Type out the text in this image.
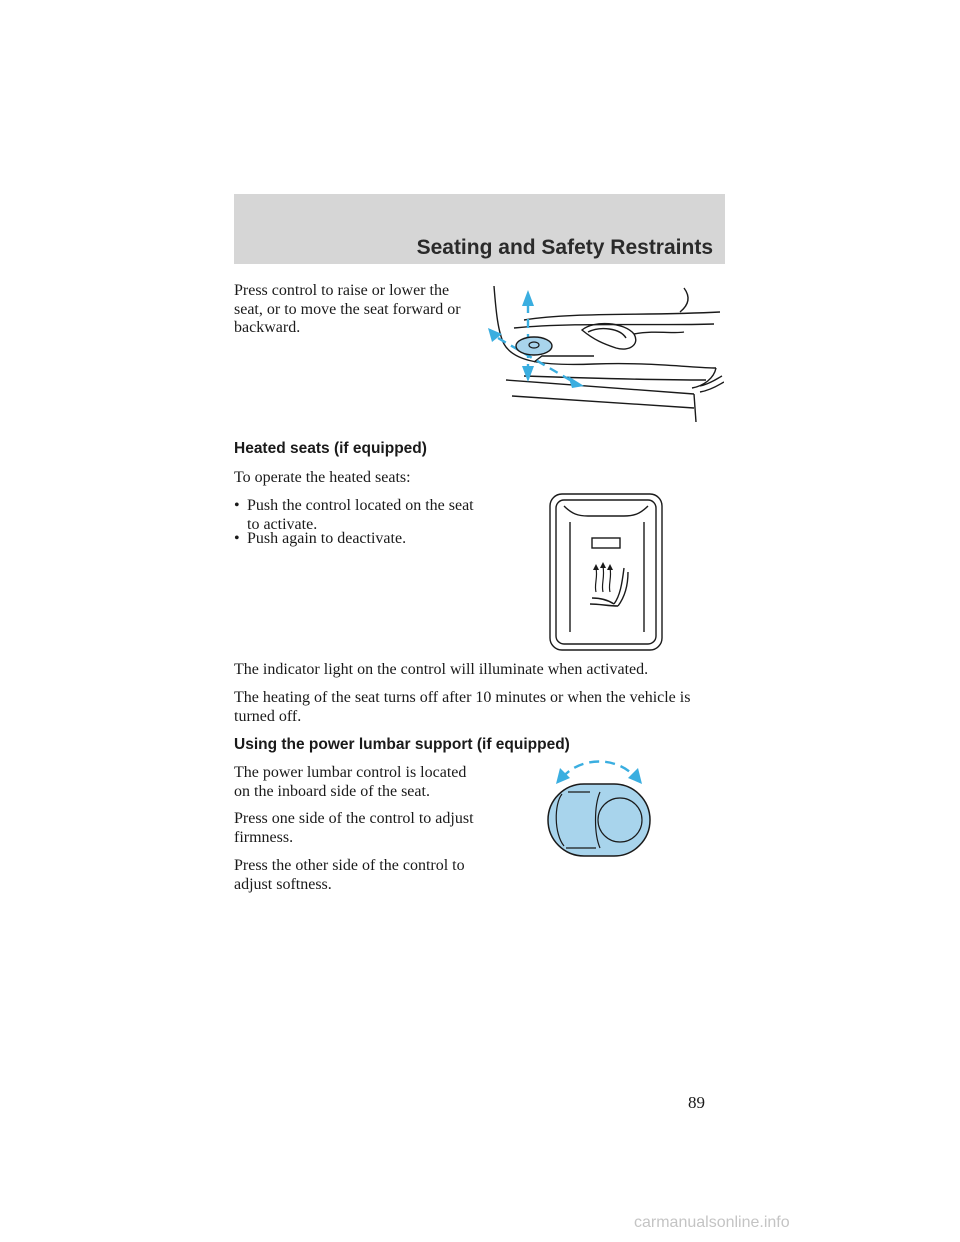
Seating and Safety Restraints
Press control to raise or lower the seat, or to move the seat forward or backward.
Heated seats (if equipped)
To operate the heated seats:
• Push the control located on the seat to activate.
• Push again to deactivate.
The indicator light on the control will illuminate when activated.
The heating of the seat turns off after 10 minutes or when the vehicle is turned off.
Using the power lumbar support (if equipped)
The power lumbar control is located on the inboard side of the seat.
Press one side of the control to adjust firmness.
Press the other side of the control to adjust softness.
89
carmanualsonline.info
